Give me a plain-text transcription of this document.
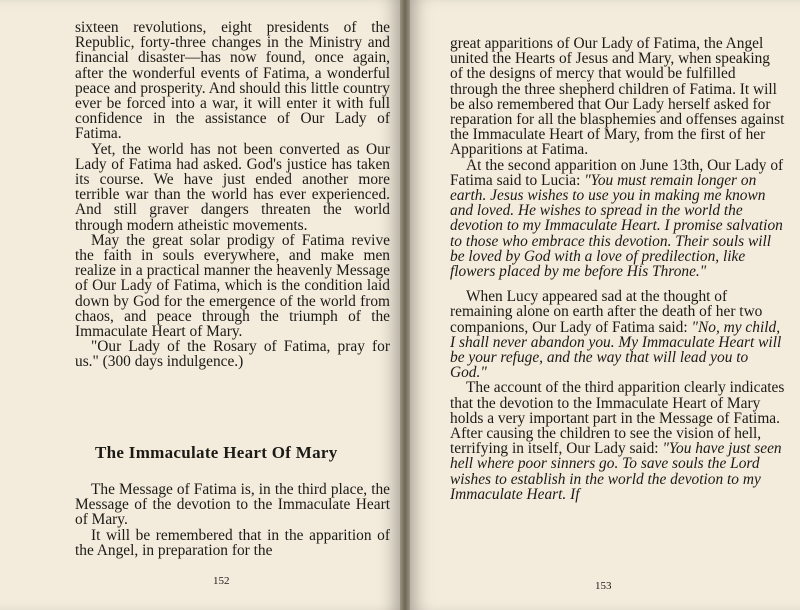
sixteen revolutions, eight presidents of the Republic, forty-three changes in the Ministry and financial disaster—has now found, once again, after the wonderful events of Fatima, a wonderful peace and prosperity. And should this little country ever be forced into a war, it will enter it with full confidence in the assistance of Our Lady of Fatima.

Yet, the world has not been converted as Our Lady of Fatima had asked. God's justice has taken its course. We have just ended another more terrible war than the world has ever experienced. And still graver dangers threaten the world through modern atheistic movements.

May the great solar prodigy of Fatima revive the faith in souls everywhere, and make men realize in a practical manner the heavenly Message of Our Lady of Fatima, which is the condition laid down by God for the emergence of the world from chaos, and peace through the triumph of the Immaculate Heart of Mary.

"Our Lady of the Rosary of Fatima, pray for us." (300 days indulgence.)

The Immaculate Heart Of Mary

The Message of Fatima is, in the third place, the Message of the devotion to the Immaculate Heart of Mary.

It will be remembered that in the apparition of the Angel, in preparation for the

152

great apparitions of Our Lady of Fatima, the Angel united the Hearts of Jesus and Mary, when speaking of the designs of mercy that would be fulfilled through the three shepherd children of Fatima. It will be also remembered that Our Lady herself asked for reparation for all the blasphemies and offenses against the Immaculate Heart of Mary, from the first of her Apparitions at Fatima.

At the second apparition on June 13th, Our Lady of Fatima said to Lucia: "You must remain longer on earth. Jesus wishes to use you in making me known and loved. He wishes to spread in the world the devotion to my Immaculate Heart. I promise salvation to those who embrace this devotion. Their souls will be loved by God with a love of predilection, like flowers placed by me before His Throne."

When Lucy appeared sad at the thought of remaining alone on earth after the death of her two companions, Our Lady of Fatima said: "No, my child, I shall never abandon you. My Immaculate Heart will be your refuge, and the way that will lead you to God."

The account of the third apparition clearly indicates that the devotion to the Immaculate Heart of Mary holds a very important part in the Message of Fatima. After causing the children to see the vision of hell, terrifying in itself, Our Lady said: "You have just seen hell where poor sinners go. To save souls the Lord wishes to establish in the world the devotion to my Immaculate Heart. If

153
